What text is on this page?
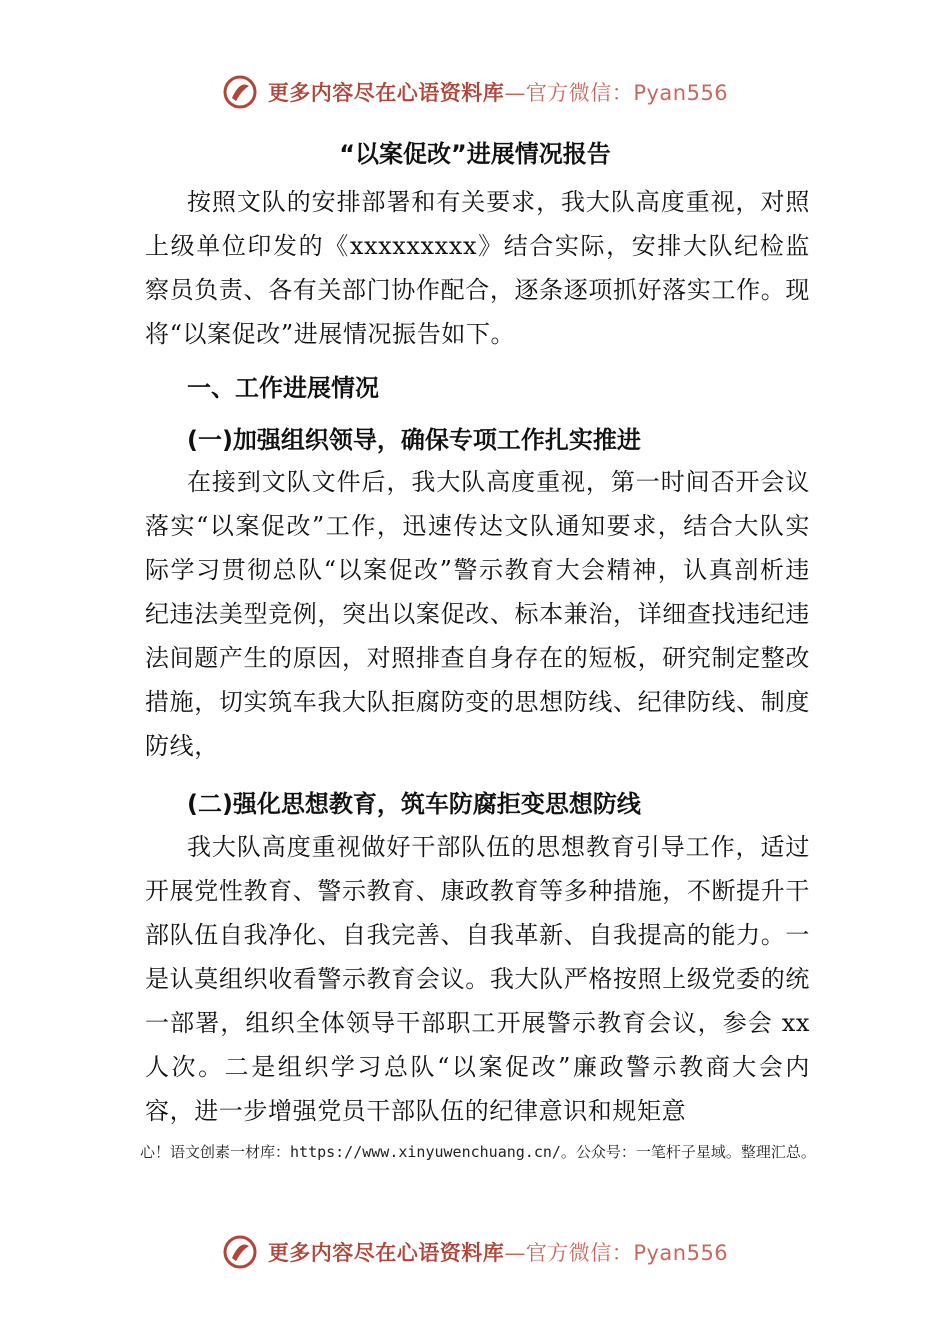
更多内容尽在心语资料库—官方微信：Pyan556
“以案促改”进展情况报告
按照文队的安排部署和有关要求，我大队高度重视，对照上级单位印发的《xxxxxxxxx》结合实际，安排大队纪检监察员负责、各有关部门协作配合，逐条逐项抓好落实工作。现将“以案促改”进展情况振告如下。
一、工作进展情况
(一)加强组织领导，确保专项工作扎实推进
在接到文队文件后，我大队高度重视，第一时间否开会议落实“以案促改”工作，迅速传达文队通知要求，结合大队实际学习贯彻总队“以案促改”警示教育大会精神，认真剖析违纪违法美型竞例，突出以案促改、标本兼治，详细查找违纪违法间题产生的原因，对照排查自身存在的短板，研究制定整改措施，切实筑车我大队拒腐防变的思想防线、纪律防线、制度防线，
(二)强化思想教育，筑车防腐拒变思想防线
我大队高度重视做好干部队伍的思想教育引导工作，适过开展党性教育、警示教育、康政教育等多种措施，不断提升干部队伍自我净化、自我完善、自我革新、自我提高的能力。一是认莫组织收看警示教育会议。我大队严格按照上级党委的统一部署，组织全体领导干部职工开展警示教育会议，参会 xx 人次。二是组织学习总队“以案促改”廉政警示教商大会内容，进一步增强党员干部队伍的纪律意识和规矩意
心！语文创素一材库：https://www.xinyuwenchuang.cn/。公众号：一笔杆子星域。整理汇总。
更多内容尽在心语资料库—官方微信：Pyan556
